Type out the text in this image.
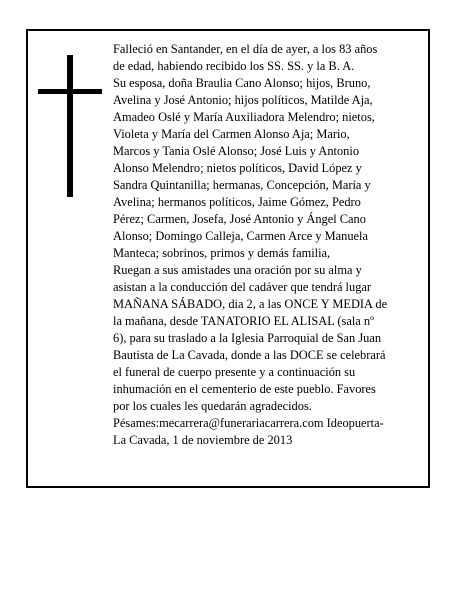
Falleció en Santander, en el día de ayer, a los 83 años
de edad, habiendo recibido los SS. SS. y la B. A.
Su esposa, doña Braulia Cano Alonso; hijos, Bruno,
Avelina y José Antonio; hijos políticos, Matilde Aja,
Amadeo Oslé y María Auxiliadora Melendro; nietos,
Violeta y María del Carmen Alonso Aja; Mario,
Marcos y Tania Oslé Alonso; José Luis y Antonio
Alonso Melendro; nietos políticos, David López y
Sandra Quintanilla; hermanas, Concepción, María y
Avelina; hermanos políticos, Jaime Gómez, Pedro
Pérez; Carmen, Josefa, José Antonio y Ángel Cano
Alonso; Domingo Calleja, Carmen Arce y Manuela
Manteca; sobrinos, primos y demás familia,
Ruegan a sus amistades una oración por su alma y
asistan a la conducción del cadáver que tendrá lugar
MAÑANA SÁBADO, dia 2, a las ONCE Y MEDIA de
la mañana, desde TANATORIO EL ALISAL (sala nº
6), para su traslado a la Iglesia Parroquial de San Juan
Bautista de La Cavada, donde a las DOCE se celebrará
el funeral de cuerpo presente y a continuación su
inhumación en el cementerio de este pueblo. Favores
por los cuales les quedarán agradecidos.
Pésames:mecarrera@funerariacarrera.com Ideopuerta-
La Cavada, 1 de noviembre de 2013
